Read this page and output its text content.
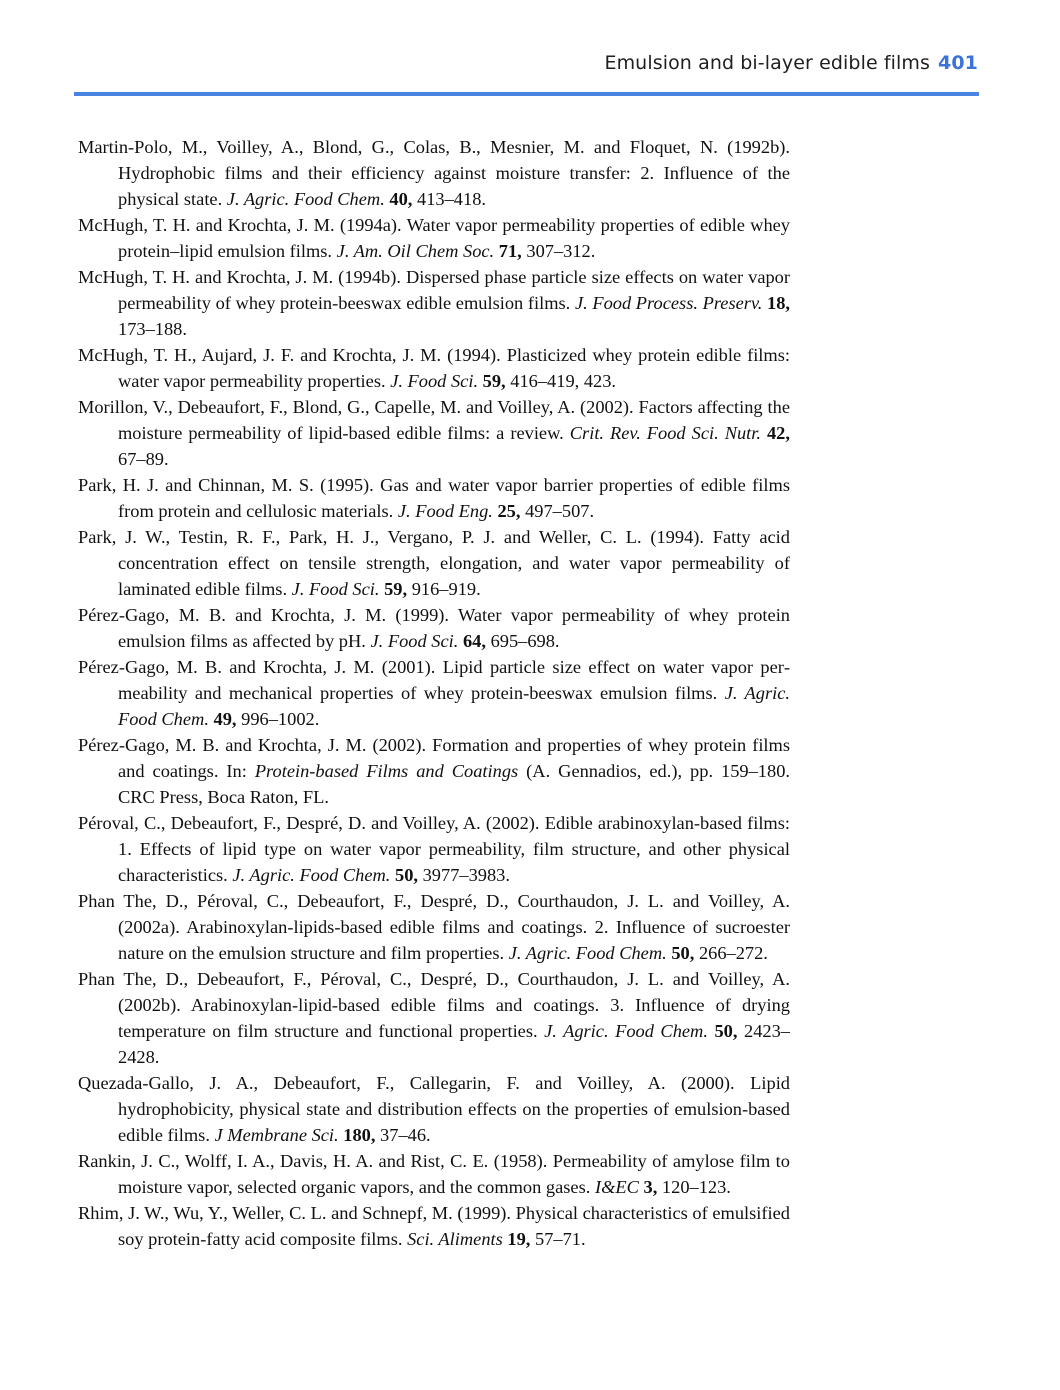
Emulsion and bi-layer edible films 401

Martin-Polo, M., Voilley, A., Blond, G., Colas, B., Mesnier, M. and Floquet, N. (1992b). Hydrophobic films and their efficiency against moisture transfer: 2. Influence of the physical state. J. Agric. Food Chem. 40, 413–418.

McHugh, T. H. and Krochta, J. M. (1994a). Water vapor permeability properties of edible whey protein–lipid emulsion films. J. Am. Oil Chem Soc. 71, 307–312.

McHugh, T. H. and Krochta, J. M. (1994b). Dispersed phase particle size effects on water vapor permeability of whey protein-beeswax edible emulsion films. J. Food Process. Preserv. 18, 173–188.

McHugh, T. H., Aujard, J. F. and Krochta, J. M. (1994). Plasticized whey protein edible films: water vapor permeability properties. J. Food Sci. 59, 416–419, 423.

Morillon, V., Debeaufort, F., Blond, G., Capelle, M. and Voilley, A. (2002). Factors affecting the moisture permeability of lipid-based edible films: a review. Crit. Rev. Food Sci. Nutr. 42, 67–89.

Park, H. J. and Chinnan, M. S. (1995). Gas and water vapor barrier properties of edible films from protein and cellulosic materials. J. Food Eng. 25, 497–507.

Park, J. W., Testin, R. F., Park, H. J., Vergano, P. J. and Weller, C. L. (1994). Fatty acid concentration effect on tensile strength, elongation, and water vapor permeability of laminated edible films. J. Food Sci. 59, 916–919.

Pérez-Gago, M. B. and Krochta, J. M. (1999). Water vapor permeability of whey protein emulsion films as affected by pH. J. Food Sci. 64, 695–698.

Pérez-Gago, M. B. and Krochta, J. M. (2001). Lipid particle size effect on water vapor permeability and mechanical properties of whey protein-beeswax emulsion films. J. Agric. Food Chem. 49, 996–1002.

Pérez-Gago, M. B. and Krochta, J. M. (2002). Formation and properties of whey protein films and coatings. In: Protein-based Films and Coatings (A. Gennadios, ed.), pp. 159–180. CRC Press, Boca Raton, FL.

Péroval, C., Debeaufort, F., Despré, D. and Voilley, A. (2002). Edible arabinoxylan-based films: 1. Effects of lipid type on water vapor permeability, film structure, and other physical characteristics. J. Agric. Food Chem. 50, 3977–3983.

Phan The, D., Péroval, C., Debeaufort, F., Despré, D., Courthaudon, J. L. and Voilley, A. (2002a). Arabinoxylan-lipids-based edible films and coatings. 2. Influence of sucroester nature on the emulsion structure and film properties. J. Agric. Food Chem. 50, 266–272.

Phan The, D., Debeaufort, F., Péroval, C., Despré, D., Courthaudon, J. L. and Voilley, A. (2002b). Arabinoxylan-lipid-based edible films and coatings. 3. Influence of drying temperature on film structure and functional properties. J. Agric. Food Chem. 50, 2423–2428.

Quezada-Gallo, J. A., Debeaufort, F., Callegarin, F. and Voilley, A. (2000). Lipid hydrophobicity, physical state and distribution effects on the properties of emulsion-based edible films. J Membrane Sci. 180, 37–46.

Rankin, J. C., Wolff, I. A., Davis, H. A. and Rist, C. E. (1958). Permeability of amylose film to moisture vapor, selected organic vapors, and the common gases. I&EC 3, 120–123.

Rhim, J. W., Wu, Y., Weller, C. L. and Schnepf, M. (1999). Physical characteristics of emulsified soy protein-fatty acid composite films. Sci. Aliments 19, 57–71.
